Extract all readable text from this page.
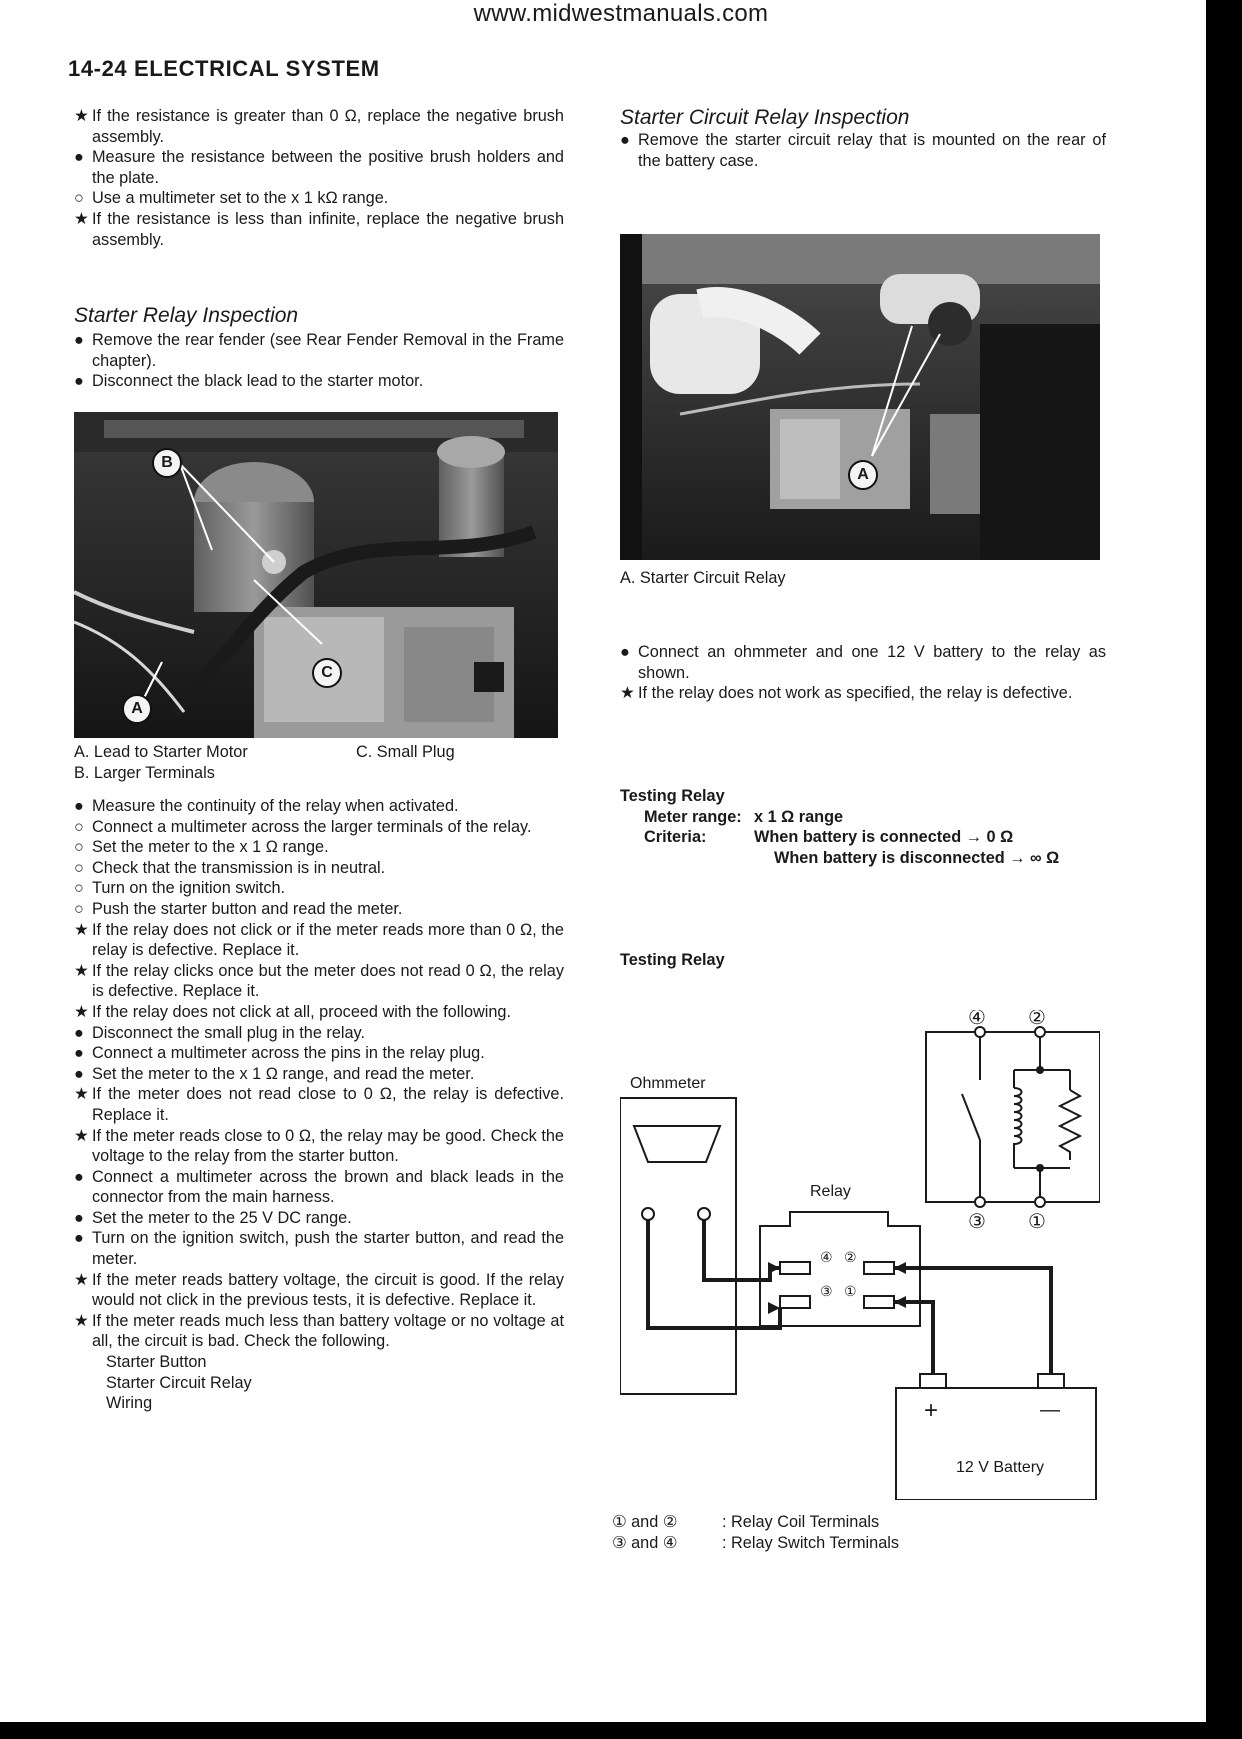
www.midwestmanuals.com
14-24 ELECTRICAL SYSTEM

★ If the resistance is greater than 0 Ω, replace the negative brush assembly.

● Measure the resistance between the positive brush holders and the plate.

○ Use a multimeter set to the x 1 kΩ range.

★ If the resistance is less than infinite, replace the negative brush assembly.

Starter Relay Inspection

● Remove the rear fender (see Rear Fender Removal in the Frame chapter).

● Disconnect the black lead to the starter motor.

B
C
A
A. Lead to Starter Motor	C. Small Plug

B. Larger Terminals

● Measure the continuity of the relay when activated.

○ Connect a multimeter across the larger terminals of the relay.

○ Set the meter to the x 1 Ω range.

○ Check that the transmission is in neutral.

○ Turn on the ignition switch.

○ Push the starter button and read the meter.

★ If the relay does not click or if the meter reads more than 0 Ω, the relay is defective. Replace it.

★ If the relay clicks once but the meter does not read 0 Ω, the relay is defective. Replace it.

★ If the relay does not click at all, proceed with the following.

● Disconnect the small plug in the relay.

● Connect a multimeter across the pins in the relay plug.

● Set the meter to the x 1 Ω range, and read the meter.

★ If the meter does not read close to 0 Ω, the relay is defective. Replace it.

★ If the meter reads close to 0 Ω, the relay may be good. Check the voltage to the relay from the starter button.

● Connect a multimeter across the brown and black leads in the connector from the main harness.

● Set the meter to the 25 V DC range.

● Turn on the ignition switch, push the starter button, and read the meter.

★ If the meter reads battery voltage, the circuit is good. If the relay would not click in the previous tests, it is defective. Replace it.

★ If the meter reads much less than battery voltage or no voltage at all, the circuit is bad. Check the following.

Starter Button

Starter Circuit Relay

Wiring

Starter Circuit Relay Inspection

● Remove the starter circuit relay that is mounted on the rear of the battery case.

A
A. Starter Circuit Relay

● Connect an ohmmeter and one 12 V battery to the relay as shown.

★ If the relay does not work as specified, the relay is defective.

Testing Relay

Meter range: x 1 Ω range

Criteria:	When battery is connected → 0 Ω

When battery is disconnected → ∞ Ω

Testing Relay
Ohmmeter
Relay
④ ②
③ ①
④ ②
③ ①
+	—
12 V Battery

① and ②	: Relay Coil Terminals

③ and ④	: Relay Switch Terminals
